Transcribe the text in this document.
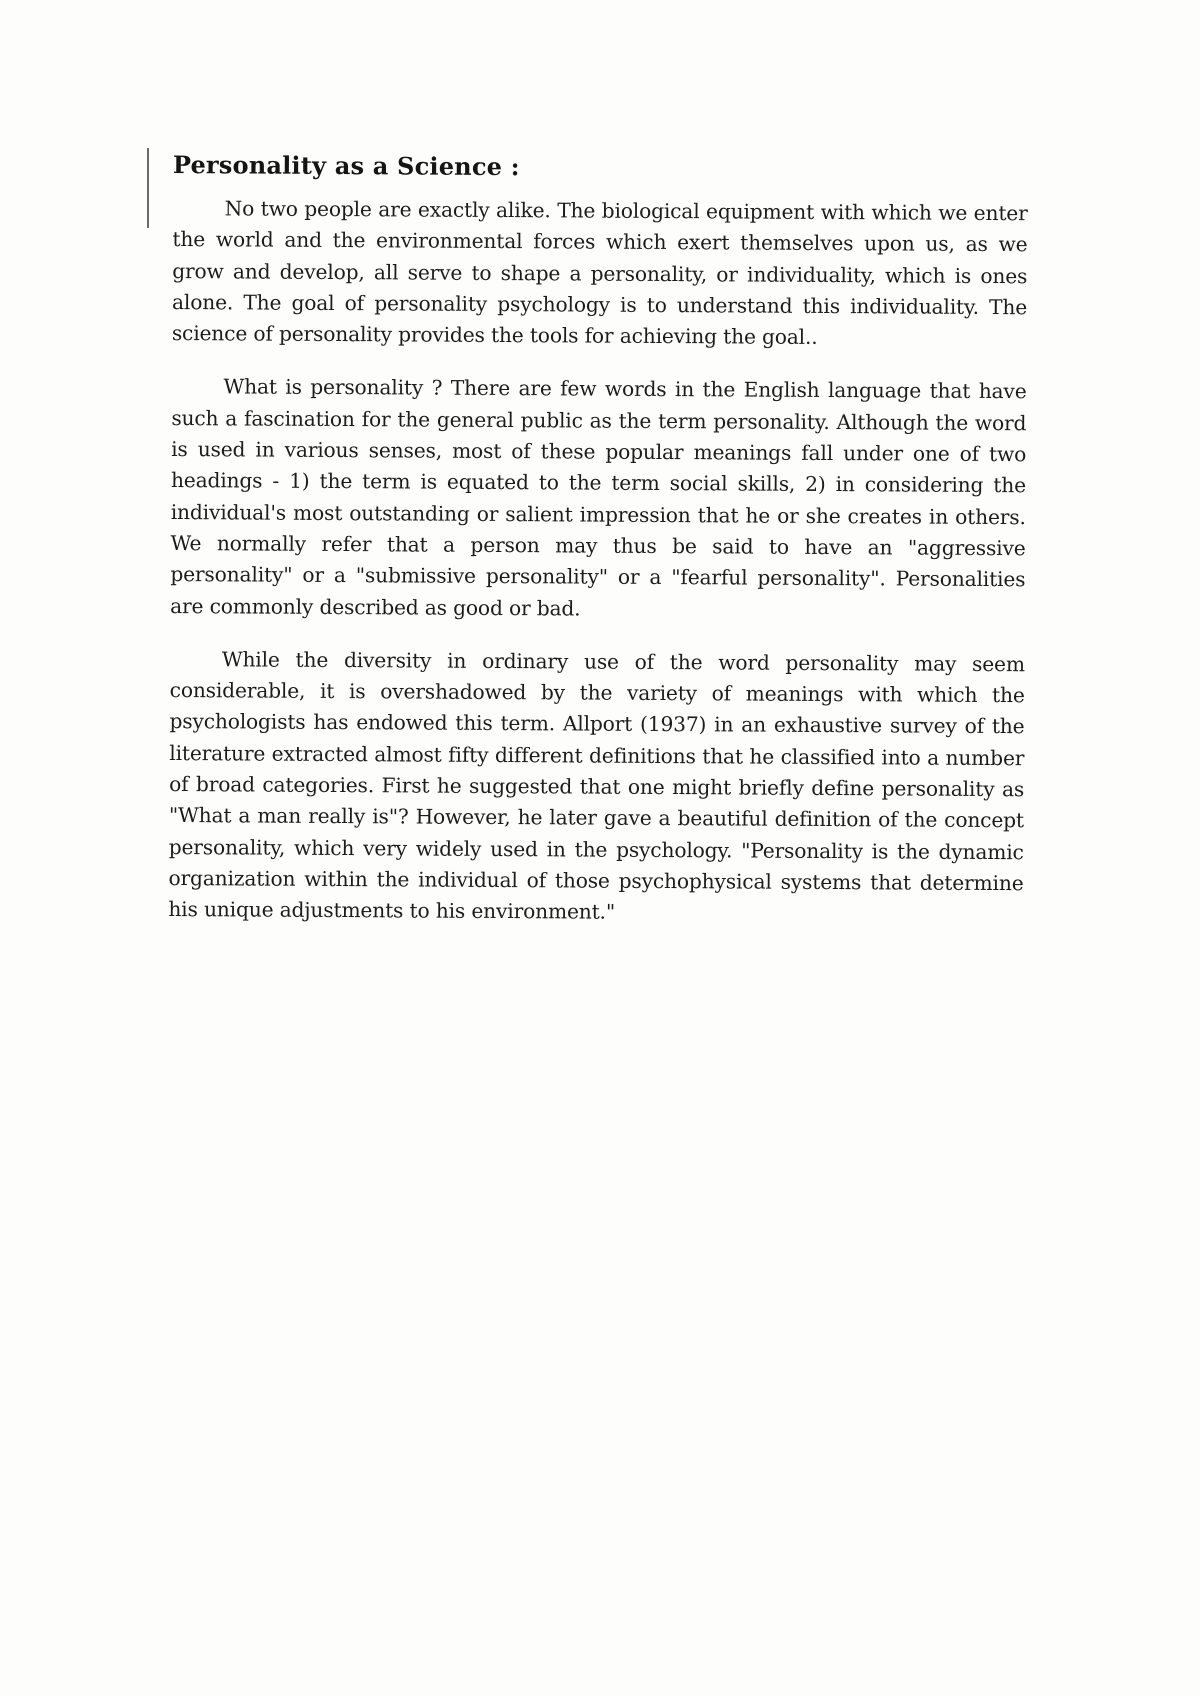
Personality as a Science :

No two people are exactly alike. The biological equipment with which we enter the world and the environmental forces which exert themselves upon us, as we grow and develop, all serve to shape a personality, or individuality, which is ones alone. The goal of personality psychology is to understand this individuality. The science of personality provides the tools for achieving the goal..

What is personality ? There are few words in the English language that have such a fascination for the general public as the term personality. Although the word is used in various senses, most of these popular meanings fall under one of two headings - 1) the term is equated to the term social skills, 2) in considering the individual's most outstanding or salient impression that he or she creates in others. We normally refer that a person may thus be said to have an "aggressive personality" or a "submissive personality" or a "fearful personality". Personalities are commonly described as good or bad.

While the diversity in ordinary use of the word personality may seem considerable, it is overshadowed by the variety of meanings with which the psychologists has endowed this term. Allport (1937) in an exhaustive survey of the literature extracted almost fifty different definitions that he classified into a number of broad categories. First he suggested that one might briefly define personality as "What a man really is"? However, he later gave a beautiful definition of the concept personality, which very widely used in the psychology. "Personality is the dynamic organization within the individual of those psychophysical systems that determine his unique adjustments to his environment."
